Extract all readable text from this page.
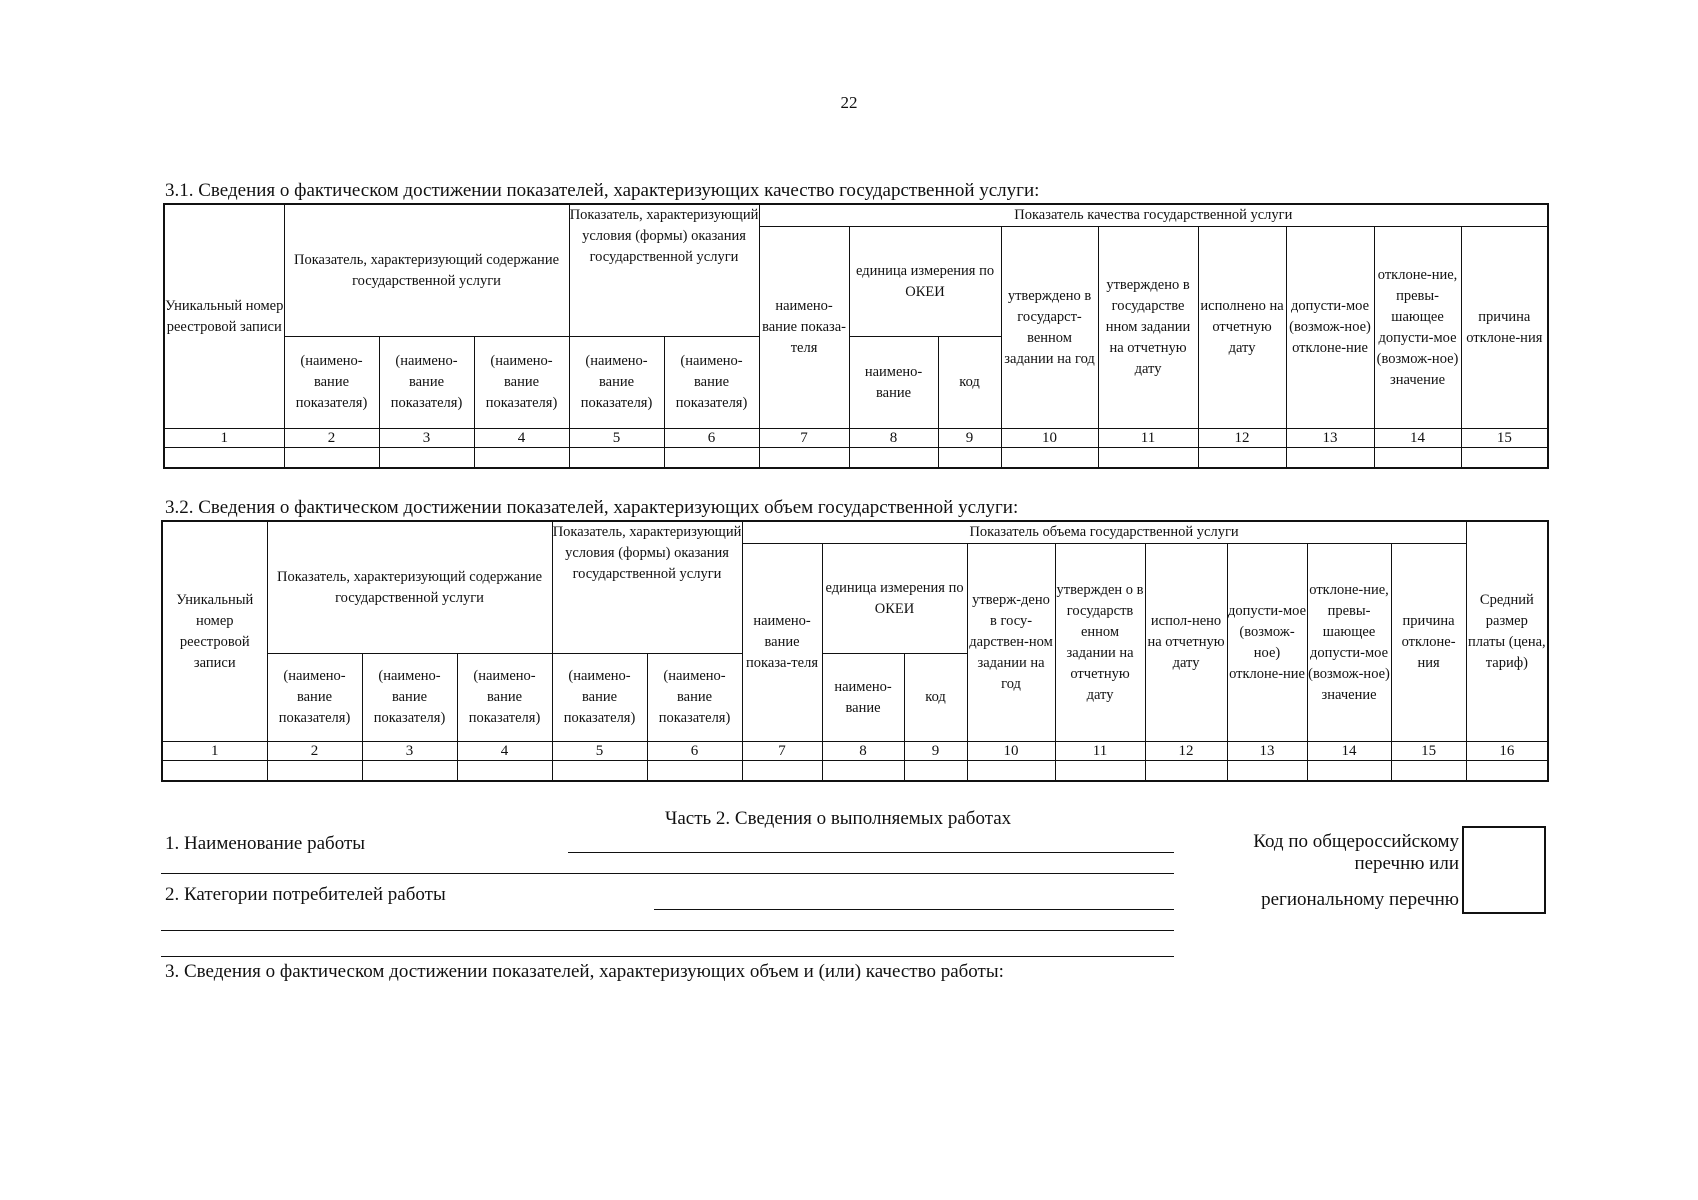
22
3.1. Сведения о фактическом достижении показателей, характеризующих качество государственной услуги:
Уникальный номер реестровой записи	Показатель, характеризующий содержание государственной услуги			Показатель, характеризующий условия (формы) оказания государственной услуги		Показатель качества государственной услуги								
						наимено-вание показа-теля	единица измерения по ОКЕИ		утверждено в государст-венном задании на год	утверждено в государстве нном задании на отчетную дату	исполнено на отчетную дату	допусти-мое (возмож-ное) отклоне-ние	отклоне-ние, превы-шающее допусти-мое (возмож-ное) значение	причина отклоне-ния
	(наимено-вание показателя)	(наимено-вание показателя)	(наимено-вание показателя)	(наимено-вание показателя)	(наимено-вание показателя)		наимено-вание	код						
1	2	3	4	5	6	7	8	9	10	11	12	13	14	15

3.2. Сведения о фактическом достижении показателей, характеризующих объем государственной услуги:
Уникальный номер реестровой записи	Показатель, характеризующий содержание государственной услуги			Показатель, характеризующий условия (формы) оказания государственной услуги		Показатель объема государственной услуги									Средний размер платы (цена, тариф)
						наимено-вание показа-теля	единица измерения по ОКЕИ		утверж-дено в госу-дарствен-ном задании на год	утвержден о в государств енном задании на отчетную дату	испол-нено на отчетную дату	допусти-мое (возмож-ное) отклоне-ние	отклоне-ние, превы-шающее допусти-мое (возмож-ное) значение	причина отклоне-ния	
	(наимено-вание показателя)	(наимено-вание показателя)	(наимено-вание показателя)	(наимено-вание показателя)	(наимено-вание показателя)		наимено-вание	код							
1	2	3	4	5	6	7	8	9	10	11	12	13	14	15	16

Часть 2. Сведения о выполняемых работах
1. Наименование работы
2. Категории потребителей работы
Код по общероссийскому
перечню или
региональному перечню
3. Сведения о фактическом достижении показателей, характеризующих объем и (или) качество работы:
